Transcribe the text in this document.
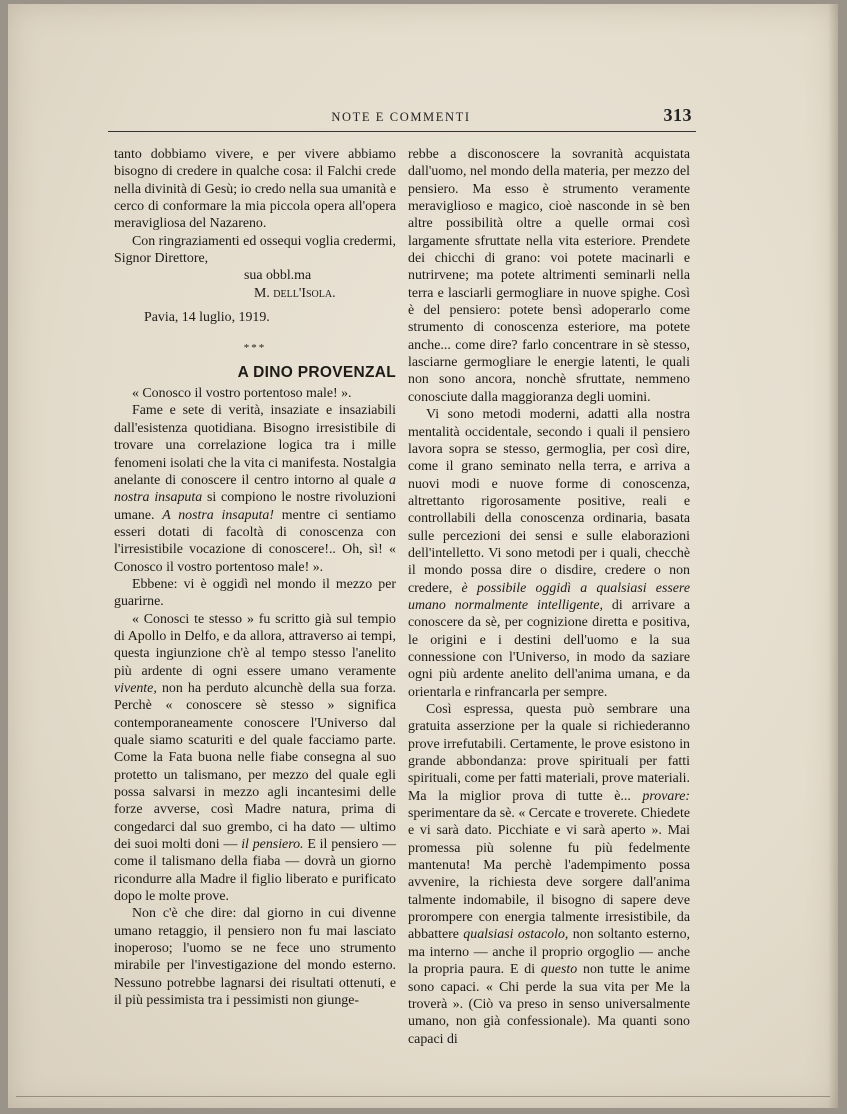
NOTE E COMMENTI	313

tanto dobbiamo vivere, e per vivere abbiamo bisogno di credere in qualche cosa: il Falchi crede nella divinità di Gesù; io credo nella sua umanità e cerco di conformare la mia piccola opera all'opera meravigliosa del Nazareno.

Con ringraziamenti ed ossequi voglia credermi, Signor Direttore,

sua obbl.ma

M. dell'Isola.

Pavia, 14 luglio, 1919.

***

A DINO PROVENZAL

« Conosco il vostro portentoso male! ».

Fame e sete di verità, insaziate e insaziabili dall'esistenza quotidiana. Bisogno irresistibile di trovare una correlazione logica tra i mille fenomeni isolati che la vita ci manifesta. Nostalgia anelante di conoscere il centro intorno al quale a nostra insaputa si compiono le nostre rivoluzioni umane. A nostra insaputa! mentre ci sentiamo esseri dotati di facoltà di conoscenza con l'irresistibile vocazione di conoscere!.. Oh, sì! « Conosco il vostro portentoso male! ».

Ebbene: vi è oggidì nel mondo il mezzo per guarirne.

« Conosci te stesso » fu scritto già sul tempio di Apollo in Delfo, e da allora, attraverso ai tempi, questa ingiunzione ch'è al tempo stesso l'anelito più ardente di ogni essere umano veramente vivente, non ha perduto alcunchè della sua forza. Perchè « conoscere sè stesso » significa contemporaneamente conoscere l'Universo dal quale siamo scaturiti e del quale facciamo parte. Come la Fata buona nelle fiabe consegna al suo protetto un talismano, per mezzo del quale egli possa salvarsi in mezzo agli incantesimi delle forze avverse, così Madre natura, prima di congedarci dal suo grembo, ci ha dato — ultimo dei suoi molti doni — il pensiero. E il pensiero — come il talismano della fiaba — dovrà un giorno ricondurre alla Madre il figlio liberato e purificato dopo le molte prove.

Non c'è che dire: dal giorno in cui divenne umano retaggio, il pensiero non fu mai lasciato inoperoso; l'uomo se ne fece uno strumento mirabile per l'investigazione del mondo esterno. Nessuno potrebbe lagnarsi dei risultati ottenuti, e il più pessimista tra i pessimisti non giunge-

rebbe a disconoscere la sovranità acquistata dall'uomo, nel mondo della materia, per mezzo del pensiero. Ma esso è strumento veramente meraviglioso e magico, cioè nasconde in sè ben altre possibilità oltre a quelle ormai così largamente sfruttate nella vita esteriore. Prendete dei chicchi di grano: voi potete macinarli e nutrirvene; ma potete altrimenti seminarli nella terra e lasciarli germogliare in nuove spighe. Così è del pensiero: potete bensì adoperarlo come strumento di conoscenza esteriore, ma potete anche... come dire? farlo concentrare in sè stesso, lasciarne germogliare le energie latenti, le quali non sono ancora, nonchè sfruttate, nemmeno conosciute dalla maggioranza degli uomini.

Vi sono metodi moderni, adatti alla nostra mentalità occidentale, secondo i quali il pensiero lavora sopra se stesso, germoglia, per così dire, come il grano seminato nella terra, e arriva a nuovi modi e nuove forme di conoscenza, altrettanto rigorosamente positive, reali e controllabili della conoscenza ordinaria, basata sulle percezioni dei sensi e sulle elaborazioni dell'intelletto. Vi sono metodi per i quali, checchè il mondo possa dire o disdire, credere o non credere, è possibile oggidì a qualsiasi essere umano normalmente intelligente, di arrivare a conoscere da sè, per cognizione diretta e positiva, le origini e i destini dell'uomo e la sua connessione con l'Universo, in modo da saziare ogni più ardente anelito dell'anima umana, e da orientarla e rinfrancarla per sempre.

Così espressa, questa può sembrare una gratuita asserzione per la quale si richiederanno prove irrefutabili. Certamente, le prove esistono in grande abbondanza: prove spirituali per fatti spirituali, come per fatti materiali, prove materiali. Ma la miglior prova di tutte è... provare: sperimentare da sè. « Cercate e troverete. Chiedete e vi sarà dato. Picchiate e vi sarà aperto ». Mai promessa più solenne fu più fedelmente mantenuta! Ma perchè l'adempimento possa avvenire, la richiesta deve sorgere dall'anima talmente indomabile, il bisogno di sapere deve prorompere con energia talmente irresistibile, da abbattere qualsiasi ostacolo, non soltanto esterno, ma interno — anche il proprio orgoglio — anche la propria paura. E di questo non tutte le anime sono capaci. « Chi perde la sua vita per Me la troverà ». (Ciò va preso in senso universalmente umano, non già confessionale). Ma quanti sono capaci di
